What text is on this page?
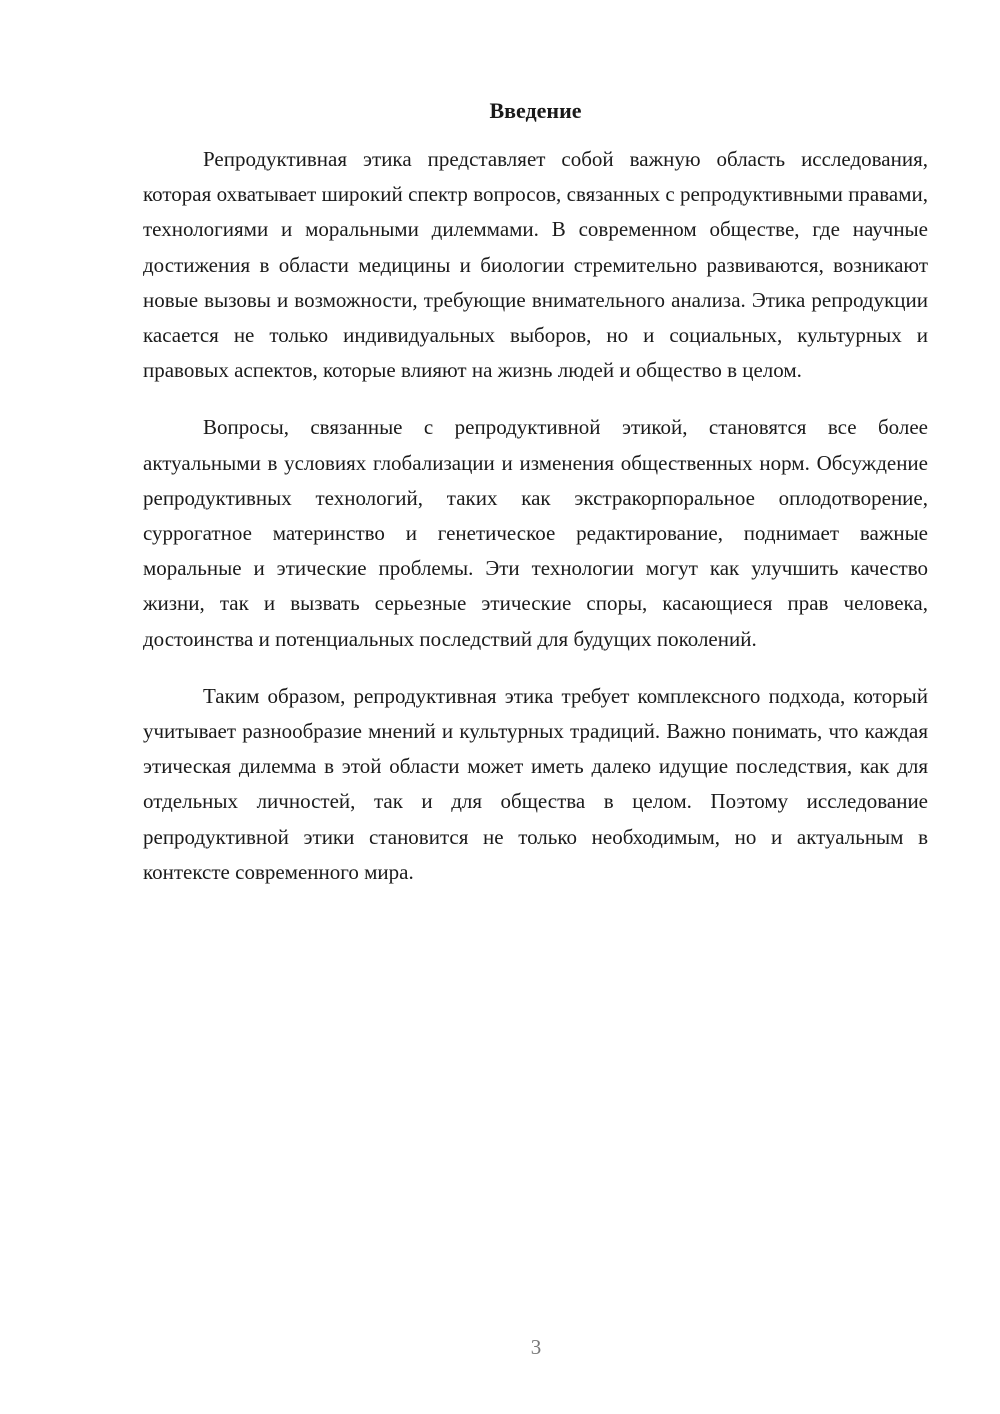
Введение

Репродуктивная этика представляет собой важную область исследования, которая охватывает широкий спектр вопросов, связанных с репродуктивными правами, технологиями и моральными дилеммами. В современном обществе, где научные достижения в области медицины и биологии стремительно развиваются, возникают новые вызовы и возможности, требующие внимательного анализа. Этика репродукции касается не только индивидуальных выборов, но и социальных, культурных и правовых аспектов, которые влияют на жизнь людей и общество в целом.

Вопросы, связанные с репродуктивной этикой, становятся все более актуальными в условиях глобализации и изменения общественных норм. Обсуждение репродуктивных технологий, таких как экстракорпоральное оплодотворение, суррогатное материнство и генетическое редактирование, поднимает важные моральные и этические проблемы. Эти технологии могут как улучшить качество жизни, так и вызвать серьезные этические споры, касающиеся прав человека, достоинства и потенциальных последствий для будущих поколений.

Таким образом, репродуктивная этика требует комплексного подхода, который учитывает разнообразие мнений и культурных традиций. Важно понимать, что каждая этическая дилемма в этой области может иметь далеко идущие последствия, как для отдельных личностей, так и для общества в целом. Поэтому исследование репродуктивной этики становится не только необходимым, но и актуальным в контексте современного мира.

3
